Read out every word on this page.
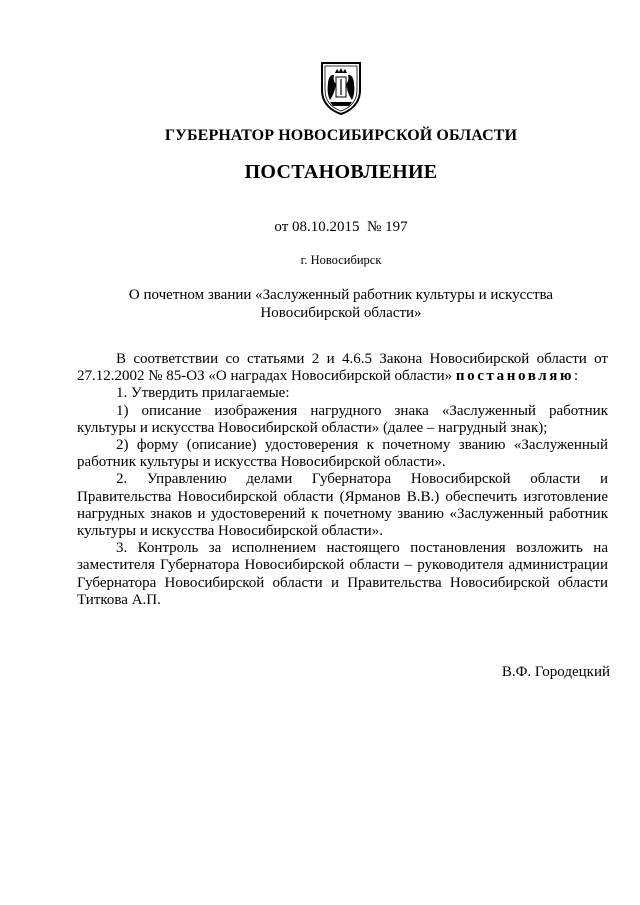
ГУБЕРНАТОР НОВОСИБИРСКОЙ ОБЛАСТИ
ПОСТАНОВЛЕНИЕ
от 08.10.2015 № 197
г. Новосибирск
О почетном звании «Заслуженный работник культуры и искусства Новосибирской области»

В соответствии со статьями 2 и 4.6.5 Закона Новосибирской области от 27.12.2002 № 85-ОЗ «О наградах Новосибирской области» постановляю:

1. Утвердить прилагаемые:

1) описание изображения нагрудного знака «Заслуженный работник культуры и искусства Новосибирской области» (далее – нагрудный знак);

2) форму (описание) удостоверения к почетному званию «Заслуженный работник культуры и искусства Новосибирской области».

2. Управлению делами Губернатора Новосибирской области и Правительства Новосибирской области (Ярманов В.В.) обеспечить изготовление нагрудных знаков и удостоверений к почетному званию «Заслуженный работник культуры и искусства Новосибирской области».

3. Контроль за исполнением настоящего постановления возложить на заместителя Губернатора Новосибирской области – руководителя администрации Губернатора Новосибирской области и Правительства Новосибирской области Титкова А.П.

В.Ф. Городецкий
